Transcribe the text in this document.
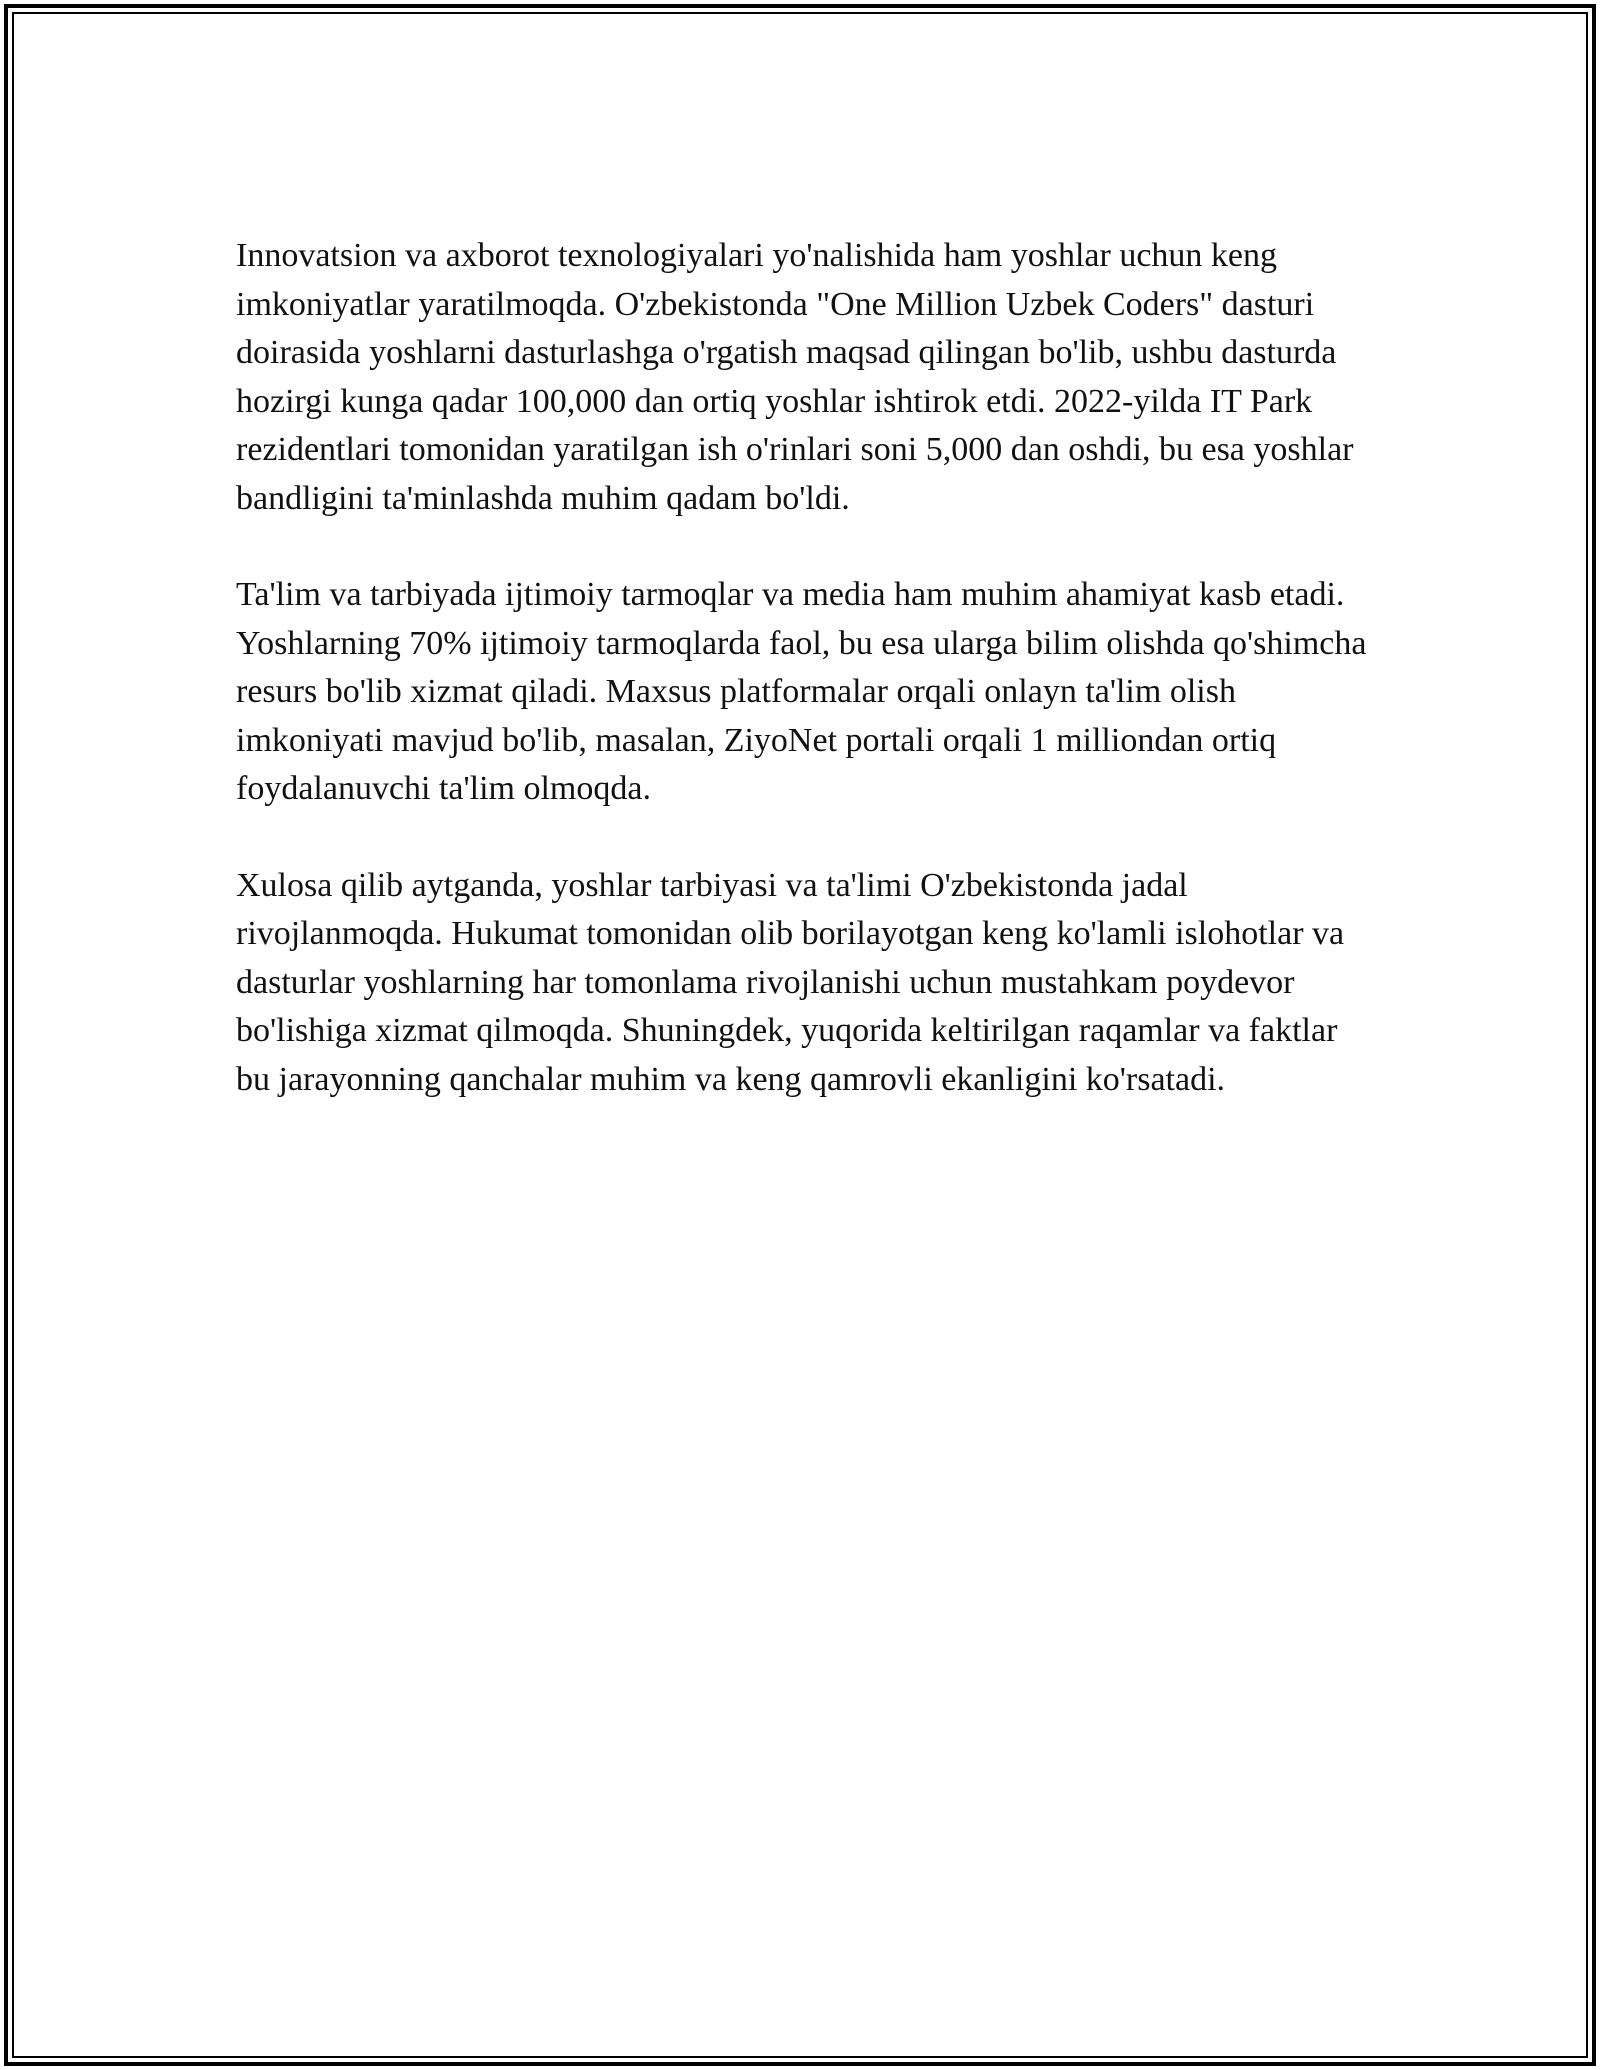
Innovatsion va axborot texnologiyalari yo'nalishida ham yoshlar uchun keng imkoniyatlar yaratilmoqda. O'zbekistonda "One Million Uzbek Coders" dasturi doirasida yoshlarni dasturlashga o'rgatish maqsad qilingan bo'lib, ushbu dasturda hozirgi kunga qadar 100,000 dan ortiq yoshlar ishtirok etdi. 2022-yilda IT Park rezidentlari tomonidan yaratilgan ish o'rinlari soni 5,000 dan oshdi, bu esa yoshlar bandligini ta'minlashda muhim qadam bo'ldi.

Ta'lim va tarbiyada ijtimoiy tarmoqlar va media ham muhim ahamiyat kasb etadi. Yoshlarning 70% ijtimoiy tarmoqlarda faol, bu esa ularga bilim olishda qo'shimcha resurs bo'lib xizmat qiladi. Maxsus platformalar orqali onlayn ta'lim olish imkoniyati mavjud bo'lib, masalan, ZiyoNet portali orqali 1 milliondan ortiq foydalanuvchi ta'lim olmoqda.

Xulosa qilib aytganda, yoshlar tarbiyasi va ta'limi O'zbekistonda jadal rivojlanmoqda. Hukumat tomonidan olib borilayotgan keng ko'lamli islohotlar va dasturlar yoshlarning har tomonlama rivojlanishi uchun mustahkam poydevor bo'lishiga xizmat qilmoqda. Shuningdek, yuqorida keltirilgan raqamlar va faktlar bu jarayonning qanchalar muhim va keng qamrovli ekanligini ko'rsatadi.
